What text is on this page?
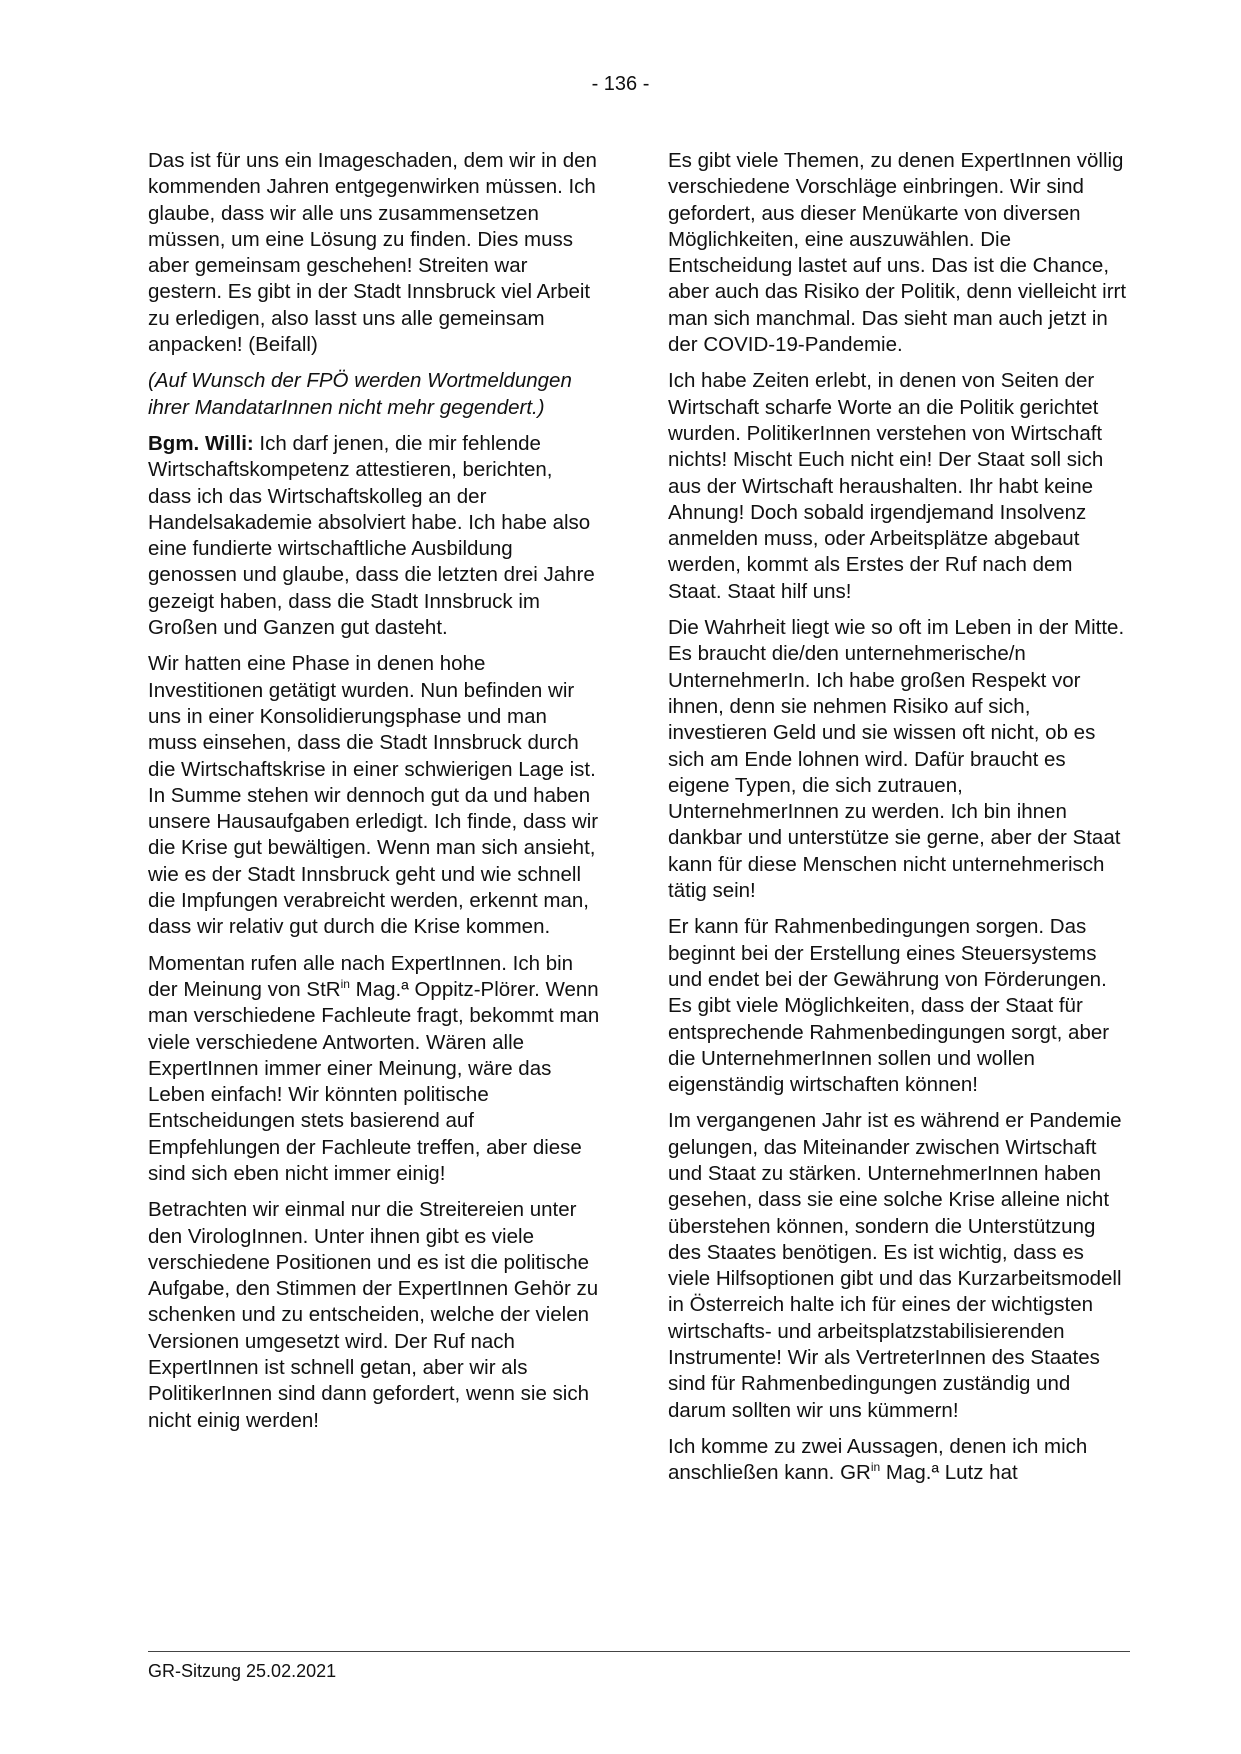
- 136 -

Das ist für uns ein Imageschaden, dem wir in den kommenden Jahren entgegenwirken müssen. Ich glaube, dass wir alle uns zusammensetzen müssen, um eine Lösung zu finden. Dies muss aber gemeinsam geschehen! Streiten war gestern. Es gibt in der Stadt Innsbruck viel Arbeit zu erledigen, also lasst uns alle gemeinsam anpacken! (Beifall)

(Auf Wunsch der FPÖ werden Wortmeldungen ihrer MandatarInnen nicht mehr gegendert.)

Bgm. Willi: Ich darf jenen, die mir fehlende Wirtschaftskompetenz attestieren, berichten, dass ich das Wirtschaftskolleg an der Handelsakademie absolviert habe. Ich habe also eine fundierte wirtschaftliche Ausbildung genossen und glaube, dass die letzten drei Jahre gezeigt haben, dass die Stadt Innsbruck im Großen und Ganzen gut dasteht.

Wir hatten eine Phase in denen hohe Investitionen getätigt wurden. Nun befinden wir uns in einer Konsolidierungsphase und man muss einsehen, dass die Stadt Innsbruck durch die Wirtschaftskrise in einer schwierigen Lage ist. In Summe stehen wir dennoch gut da und haben unsere Hausaufgaben erledigt. Ich finde, dass wir die Krise gut bewältigen. Wenn man sich ansieht, wie es der Stadt Innsbruck geht und wie schnell die Impfungen verabreicht werden, erkennt man, dass wir relativ gut durch die Krise kommen.

Momentan rufen alle nach ExpertInnen. Ich bin der Meinung von StR$^{in}$ Mag.ª Oppitz-Plörer. Wenn man verschiedene Fachleute fragt, bekommt man viele verschiedene Antworten. Wären alle ExpertInnen immer einer Meinung, wäre das Leben einfach! Wir könnten politische Entscheidungen stets basierend auf Empfehlungen der Fachleute treffen, aber diese sind sich eben nicht immer einig!

Betrachten wir einmal nur die Streitereien unter den VirologInnen. Unter ihnen gibt es viele verschiedene Positionen und es ist die politische Aufgabe, den Stimmen der ExpertInnen Gehör zu schenken und zu entscheiden, welche der vielen Versionen umgesetzt wird. Der Ruf nach ExpertInnen ist schnell getan, aber wir als PolitikerInnen sind dann gefordert, wenn sie sich nicht einig werden!

Es gibt viele Themen, zu denen ExpertInnen völlig verschiedene Vorschläge einbringen. Wir sind gefordert, aus dieser Menükarte von diversen Möglichkeiten, eine auszuwählen. Die Entscheidung lastet auf uns. Das ist die Chance, aber auch das Risiko der Politik, denn vielleicht irrt man sich manchmal. Das sieht man auch jetzt in der COVID-19-Pandemie.

Ich habe Zeiten erlebt, in denen von Seiten der Wirtschaft scharfe Worte an die Politik gerichtet wurden. PolitikerInnen verstehen von Wirtschaft nichts! Mischt Euch nicht ein! Der Staat soll sich aus der Wirtschaft heraushalten. Ihr habt keine Ahnung! Doch sobald irgendjemand Insolvenz anmelden muss, oder Arbeitsplätze abgebaut werden, kommt als Erstes der Ruf nach dem Staat. Staat hilf uns!

Die Wahrheit liegt wie so oft im Leben in der Mitte. Es braucht die/den unternehmerische/n UnternehmerIn. Ich habe großen Respekt vor ihnen, denn sie nehmen Risiko auf sich, investieren Geld und sie wissen oft nicht, ob es sich am Ende lohnen wird. Dafür braucht es eigene Typen, die sich zutrauen, UnternehmerInnen zu werden. Ich bin ihnen dankbar und unterstütze sie gerne, aber der Staat kann für diese Menschen nicht unternehmerisch tätig sein!

Er kann für Rahmenbedingungen sorgen. Das beginnt bei der Erstellung eines Steuersystems und endet bei der Gewährung von Förderungen. Es gibt viele Möglichkeiten, dass der Staat für entsprechende Rahmenbedingungen sorgt, aber die UnternehmerInnen sollen und wollen eigenständig wirtschaften können!

Im vergangenen Jahr ist es während er Pandemie gelungen, das Miteinander zwischen Wirtschaft und Staat zu stärken. UnternehmerInnen haben gesehen, dass sie eine solche Krise alleine nicht überstehen können, sondern die Unterstützung des Staates benötigen. Es ist wichtig, dass es viele Hilfsoptionen gibt und das Kurzarbeitsmodell in Österreich halte ich für eines der wichtigsten wirtschafts- und arbeitsplatzstabilisierenden Instrumente! Wir als VertreterInnen des Staates sind für Rahmenbedingungen zuständig und darum sollten wir uns kümmern!

Ich komme zu zwei Aussagen, denen ich mich anschließen kann. $GR^{in}$ Mag.ª Lutz hat

GR-Sitzung 25.02.2021
